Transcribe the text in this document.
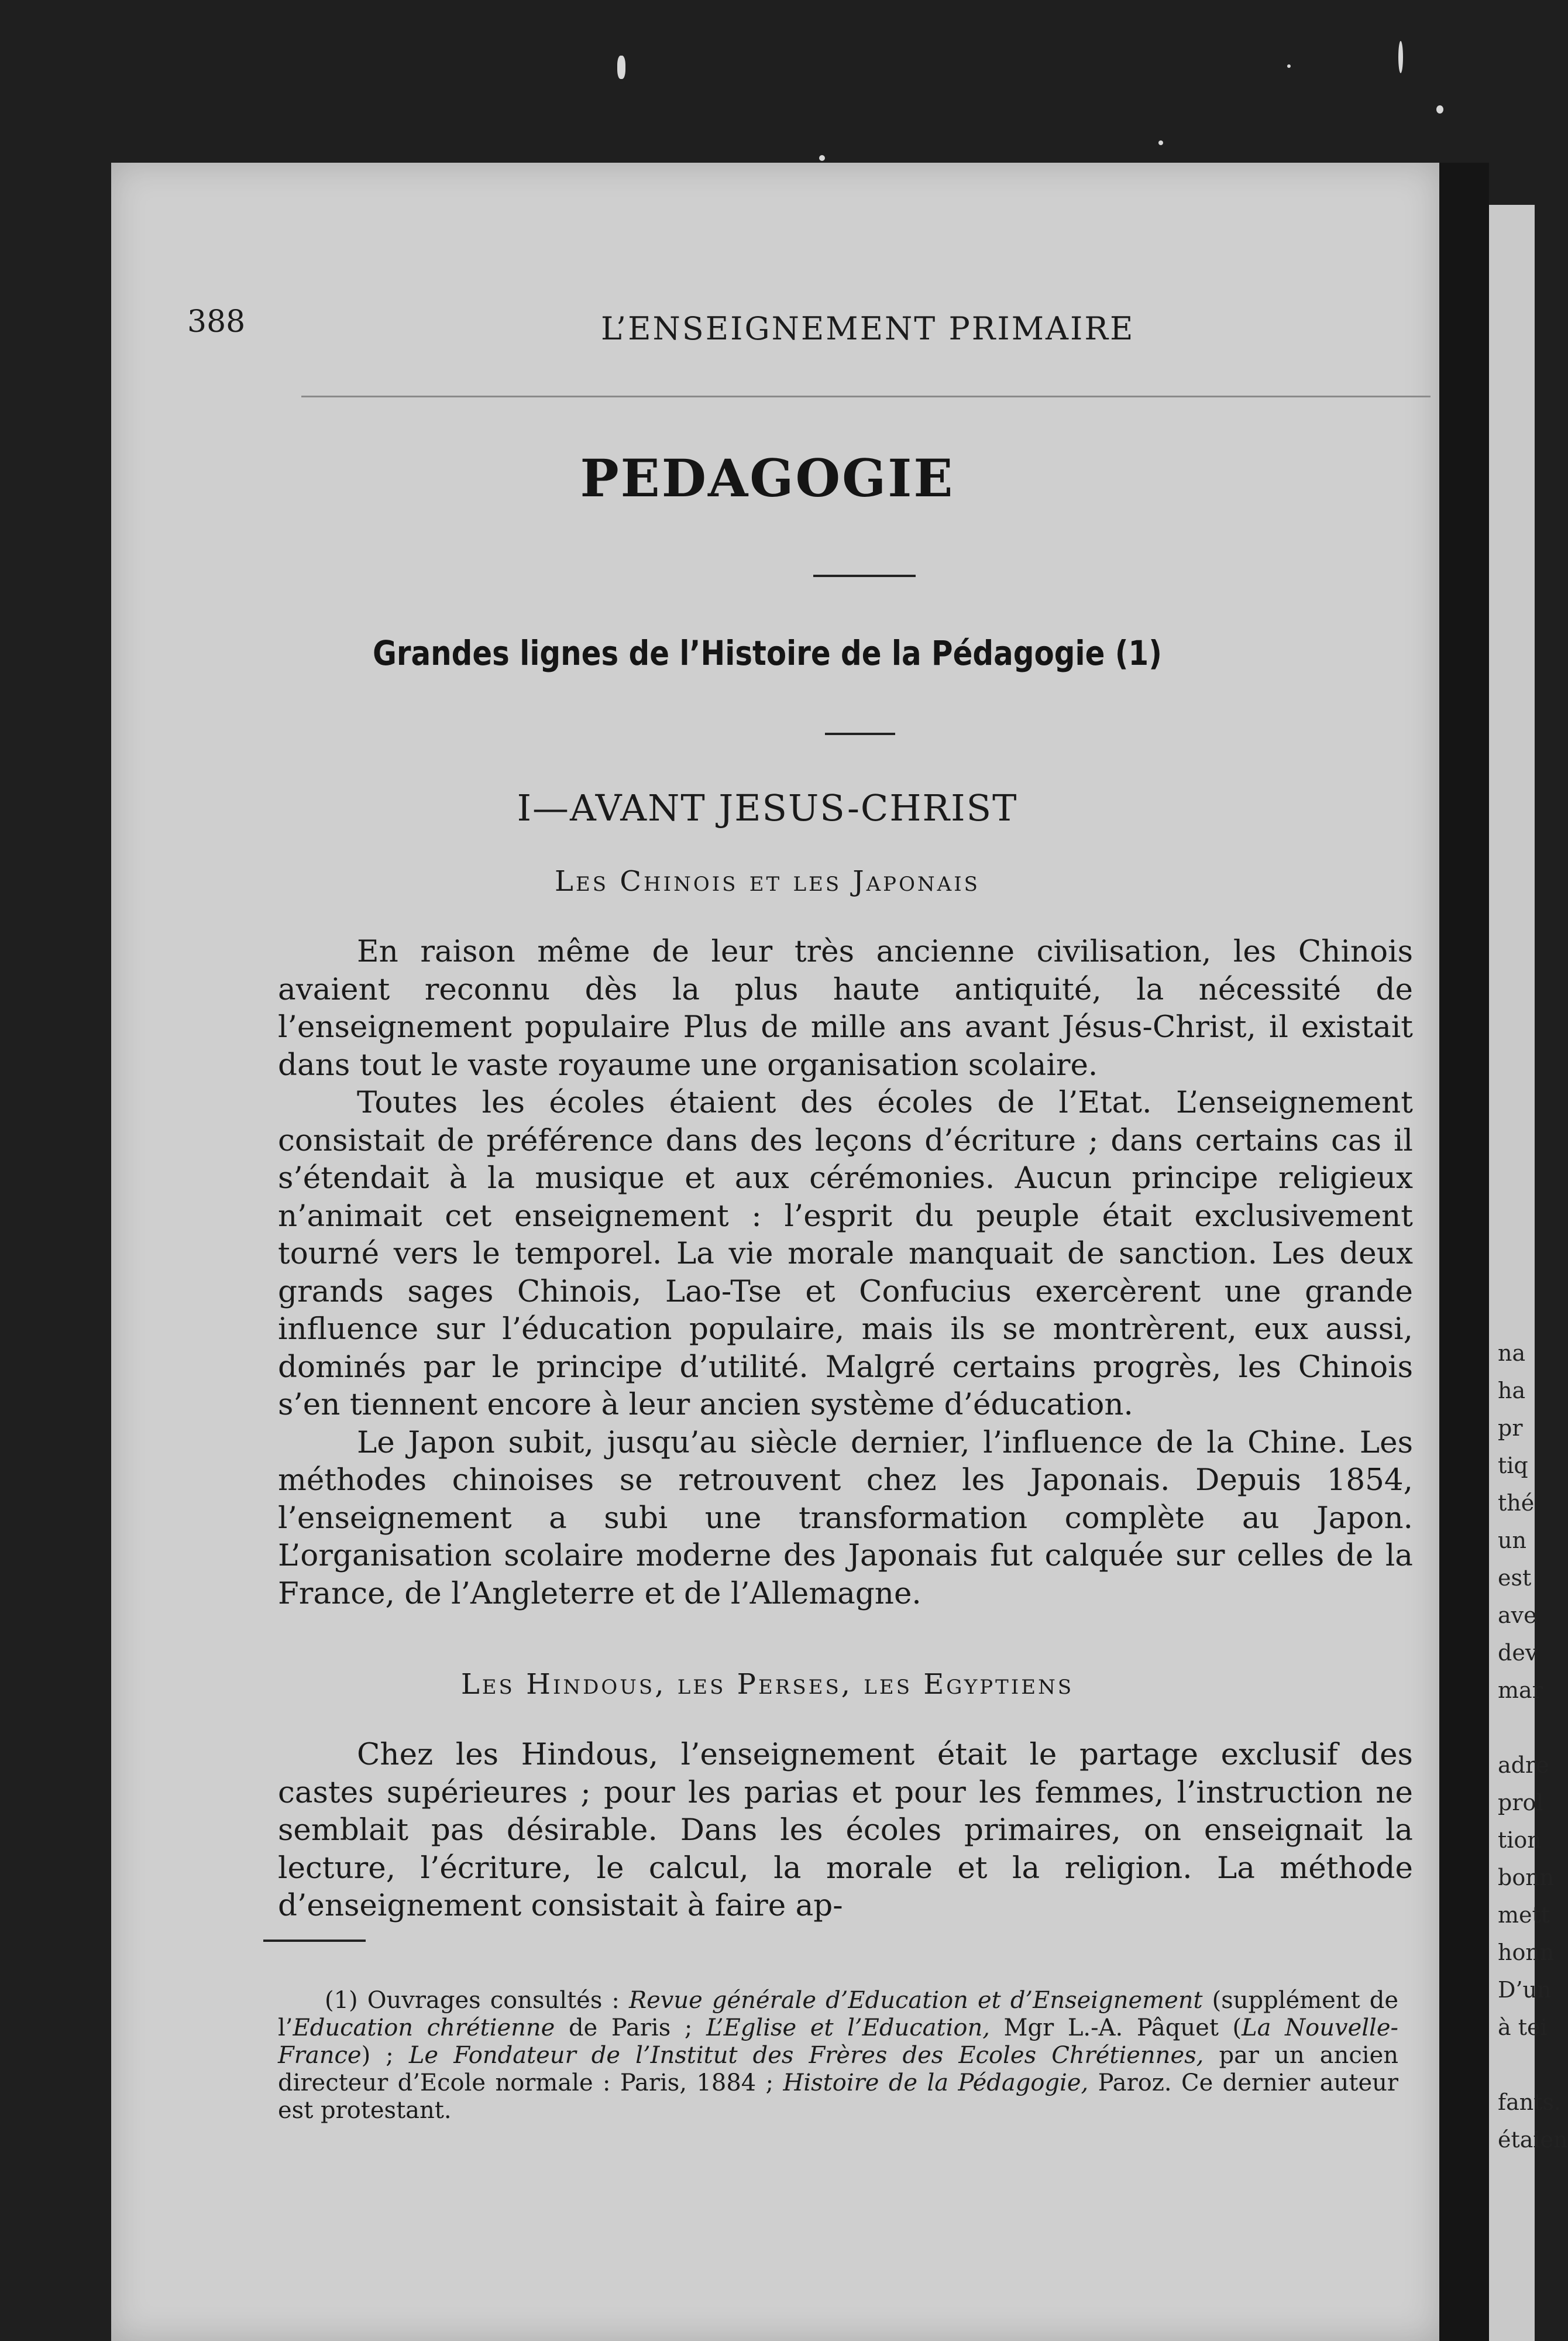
388	L’ENSEIGNEMENT PRIMAIRE
PEDAGOGIE
Grandes lignes de l’Histoire de la Pédagogie (1)
I—AVANT JESUS-CHRIST
Les Chinois et les Japonais

En raison même de leur très ancienne civilisation, les Chinois avaient reconnu dès la plus haute antiquité, la nécessité de l’enseignement populaire Plus de mille ans avant Jésus-Christ, il existait dans tout le vaste royaume une organisation scolaire.

Toutes les écoles étaient des écoles de l’Etat. L’enseignement consistait de préférence dans des leçons d’écriture ; dans certains cas il s’étendait à la musique et aux cérémonies. Aucun principe religieux n’animait cet enseignement : l’esprit du peuple était exclusivement tourné vers le temporel. La vie morale manquait de sanction. Les deux grands sages Chinois, Lao-Tse et Confucius exercèrent une grande influence sur l’éducation populaire, mais ils se montrèrent, eux aussi, dominés par le principe d’utilité. Malgré certains progrès, les Chinois s’en tiennent encore à leur ancien système d’éducation.

Le Japon subit, jusqu’au siècle dernier, l’influence de la Chine. Les méthodes chinoises se retrouvent chez les Japonais. Depuis 1854, l’enseignement a subi une transformation complète au Japon. L’organisation scolaire moderne des Japonais fut calquée sur celles de la France, de l’Angleterre et de l’Allemagne.

Les Hindous, les Perses, les Egyptiens

Chez les Hindous, l’enseignement était le partage exclusif des castes supérieures ; pour les parias et pour les femmes, l’instruction ne semblait pas désirable. Dans les écoles primaires, on enseignait la lecture, l’écriture, le calcul, la morale et la religion. La méthode d’enseignement consistait à faire ap-

(1) Ouvrages consultés : Revue générale d’Education et d’Enseignement (supplément de l’Education chrétienne de Paris ; L’Eglise et l’Education, Mgr L.-A. Pâquet (La Nouvelle-France) ; Le Fondateur de l’Institut des Frères des Ecoles Chrétiennes, par un ancien directeur d’Ecole normale : Paris, 1884 ; Histoire de la Pédagogie, Paroz. Ce dernier auteur est protestant.

na
ha
pr
tiq
thé
un
est
ave
dev
mar

adre
prol
tion
bonn
mett
honn
D’un
à tei

fants.
étaien
